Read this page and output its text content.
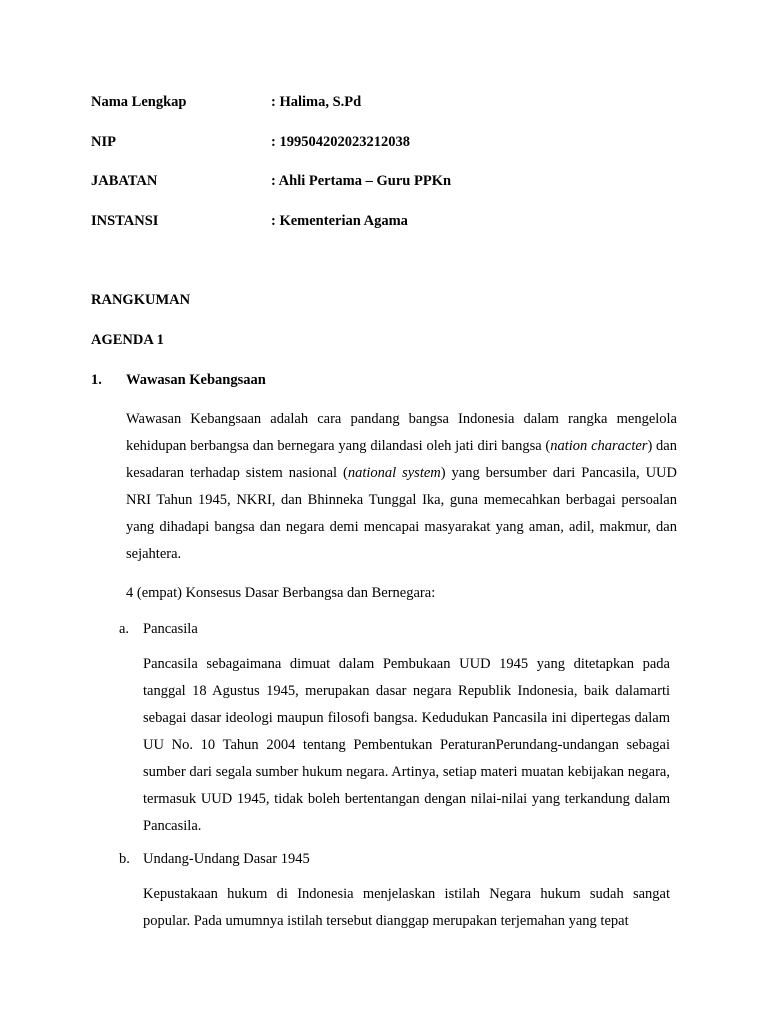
Nama Lengkap	: Halima, S.Pd
NIP	: 199504202023212038
JABATAN	: Ahli Pertama – Guru PPKn
INSTANSI	: Kementerian Agama
RANGKUMAN
AGENDA 1
1. Wawasan Kebangsaan

Wawasan Kebangsaan adalah cara pandang bangsa Indonesia dalam rangka mengelola kehidupan berbangsa dan bernegara yang dilandasi oleh jati diri bangsa (nation character) dan kesadaran terhadap sistem nasional (national system) yang bersumber dari Pancasila, UUD NRI Tahun 1945, NKRI, dan Bhinneka Tunggal Ika, guna memecahkan berbagai persoalan yang dihadapi bangsa dan negara demi mencapai masyarakat yang aman, adil, makmur, dan sejahtera.

4 (empat) Konsesus Dasar Berbangsa dan Bernegara:
a. Pancasila

Pancasila sebagaimana dimuat dalam Pembukaan UUD 1945 yang ditetapkan pada tanggal 18 Agustus 1945, merupakan dasar negara Republik Indonesia, baik dalamarti sebagai dasar ideologi maupun filosofi bangsa. Kedudukan Pancasila ini dipertegas dalam UU No. 10 Tahun 2004 tentang Pembentukan PeraturanPerundang-undangan sebagai sumber dari segala sumber hukum negara. Artinya, setiap materi muatan kebijakan negara, termasuk UUD 1945, tidak boleh bertentangan dengan nilai-nilai yang terkandung dalam Pancasila.

b. Undang-Undang Dasar 1945

Kepustakaan hukum di Indonesia menjelaskan istilah Negara hukum sudah sangat popular. Pada umumnya istilah tersebut dianggap merupakan terjemahan yang tepat
